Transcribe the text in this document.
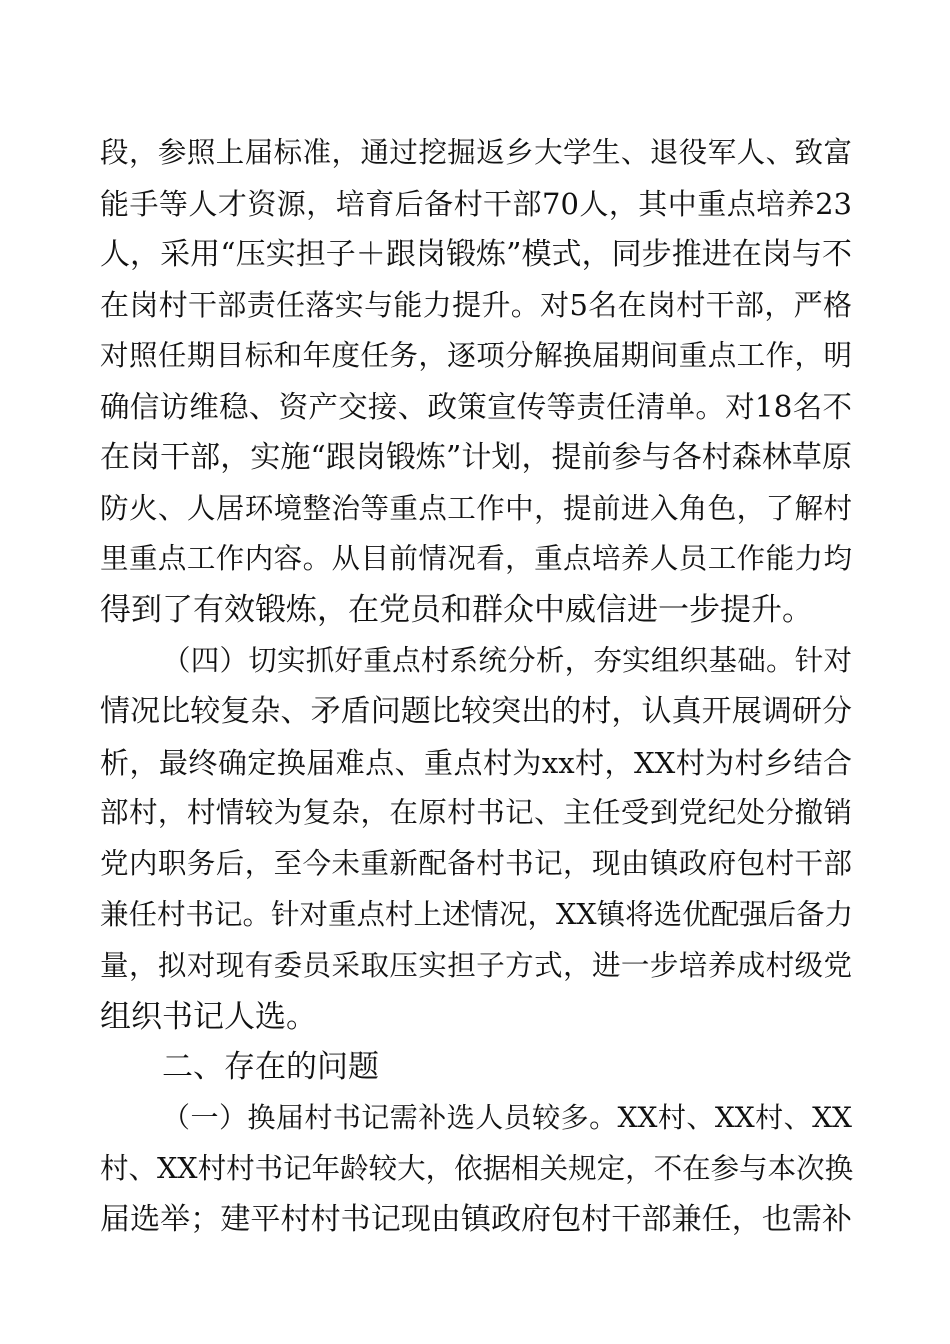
段，参照上届标准，通过挖掘返乡大学生、退役军人、致富
能手等人才资源，培育后备村干部70人，其中重点培养23
人，采用“压实担子＋跟岗锻炼”模式，同步推进在岗与不
在岗村干部责任落实与能力提升。对5名在岗村干部，严格
对照任期目标和年度任务，逐项分解换届期间重点工作，明
确信访维稳、资产交接、政策宣传等责任清单。对18名不
在岗干部，实施“跟岗锻炼”计划，提前参与各村森林草原
防火、人居环境整治等重点工作中，提前进入角色，了解村
里重点工作内容。从目前情况看，重点培养人员工作能力均
得到了有效锻炼，在党员和群众中威信进一步提升。

（四）切实抓好重点村系统分析，夯实组织基础。针对
情况比较复杂、矛盾问题比较突出的村，认真开展调研分
析，最终确定换届难点、重点村为xx村，XX村为村乡结合
部村，村情较为复杂，在原村书记、主任受到党纪处分撤销
党内职务后，至今未重新配备村书记，现由镇政府包村干部
兼任村书记。针对重点村上述情况，XX镇将选优配强后备力
量，拟对现有委员采取压实担子方式，进一步培养成村级党
组织书记人选。

二、存在的问题

（一）换届村书记需补选人员较多。XX村、XX村、XX
村、XX村村书记年龄较大，依据相关规定，不在参与本次换
届选举；建平村村书记现由镇政府包村干部兼任，也需补
